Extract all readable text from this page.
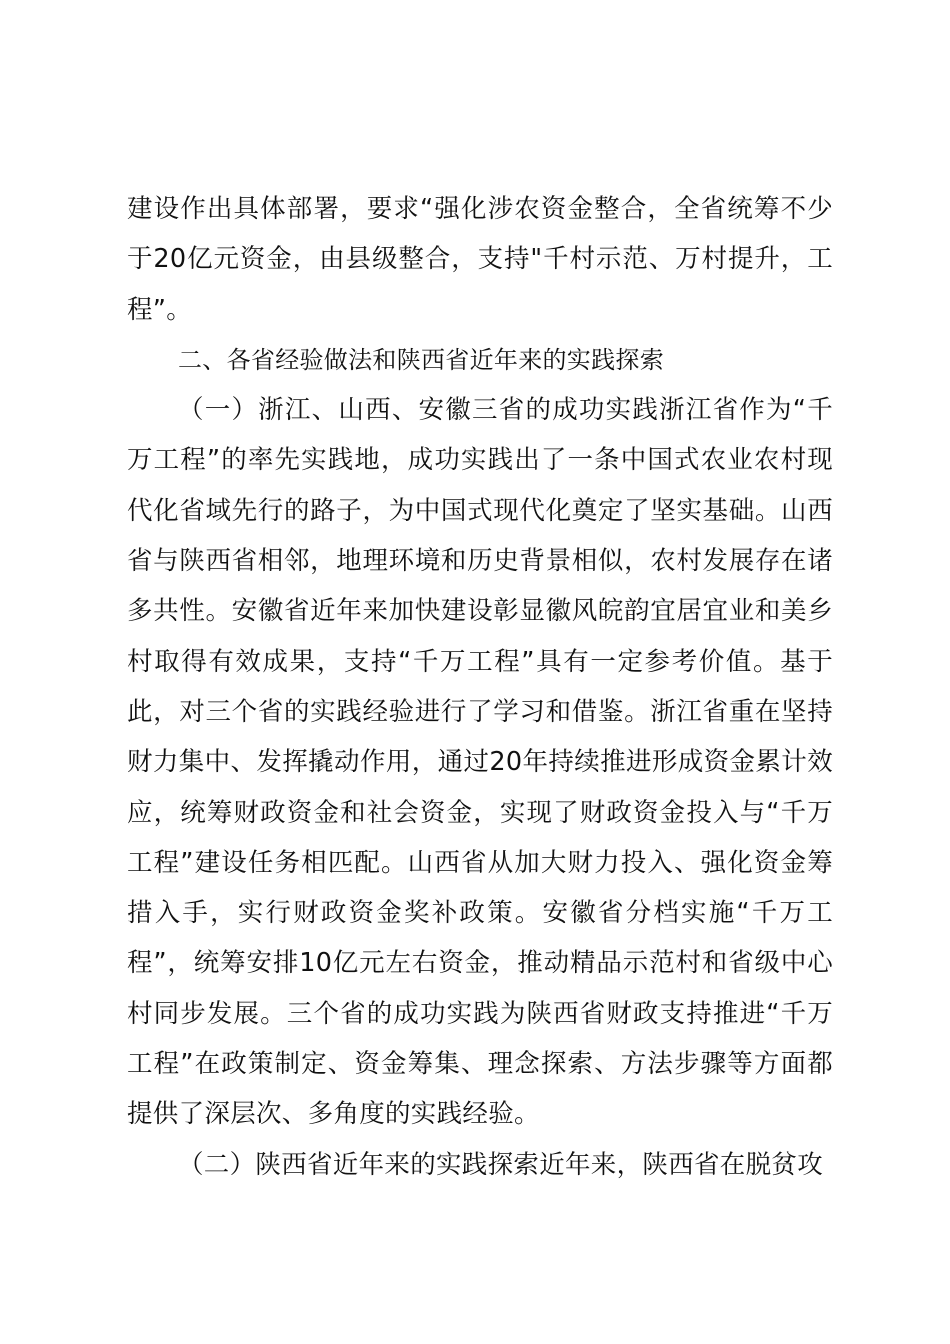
建设作出具体部署，要求“强化涉农资金整合，全省统筹不少于20亿元资金，由县级整合，支持"千村示范、万村提升，工程”。

二、各省经验做法和陕西省近年来的实践探索

（一）浙江、山西、安徽三省的成功实践浙江省作为“千万工程”的率先实践地，成功实践出了一条中国式农业农村现代化省域先行的路子，为中国式现代化奠定了坚实基础。山西省与陕西省相邻，地理环境和历史背景相似，农村发展存在诸多共性。安徽省近年来加快建设彰显徽风皖韵宜居宜业和美乡村取得有效成果，支持“千万工程”具有一定参考价值。基于此，对三个省的实践经验进行了学习和借鉴。浙江省重在坚持财力集中、发挥撬动作用，通过20年持续推进形成资金累计效应，统筹财政资金和社会资金，实现了财政资金投入与“千万工程”建设任务相匹配。山西省从加大财力投入、强化资金筹措入手，实行财政资金奖补政策。安徽省分档实施“千万工程”，统筹安排10亿元左右资金，推动精品示范村和省级中心村同步发展。三个省的成功实践为陕西省财政支持推进“千万工程”在政策制定、资金筹集、理念探索、方法步骤等方面都提供了深层次、多角度的实践经验。

（二）陕西省近年来的实践探索近年来，陕西省在脱贫攻
